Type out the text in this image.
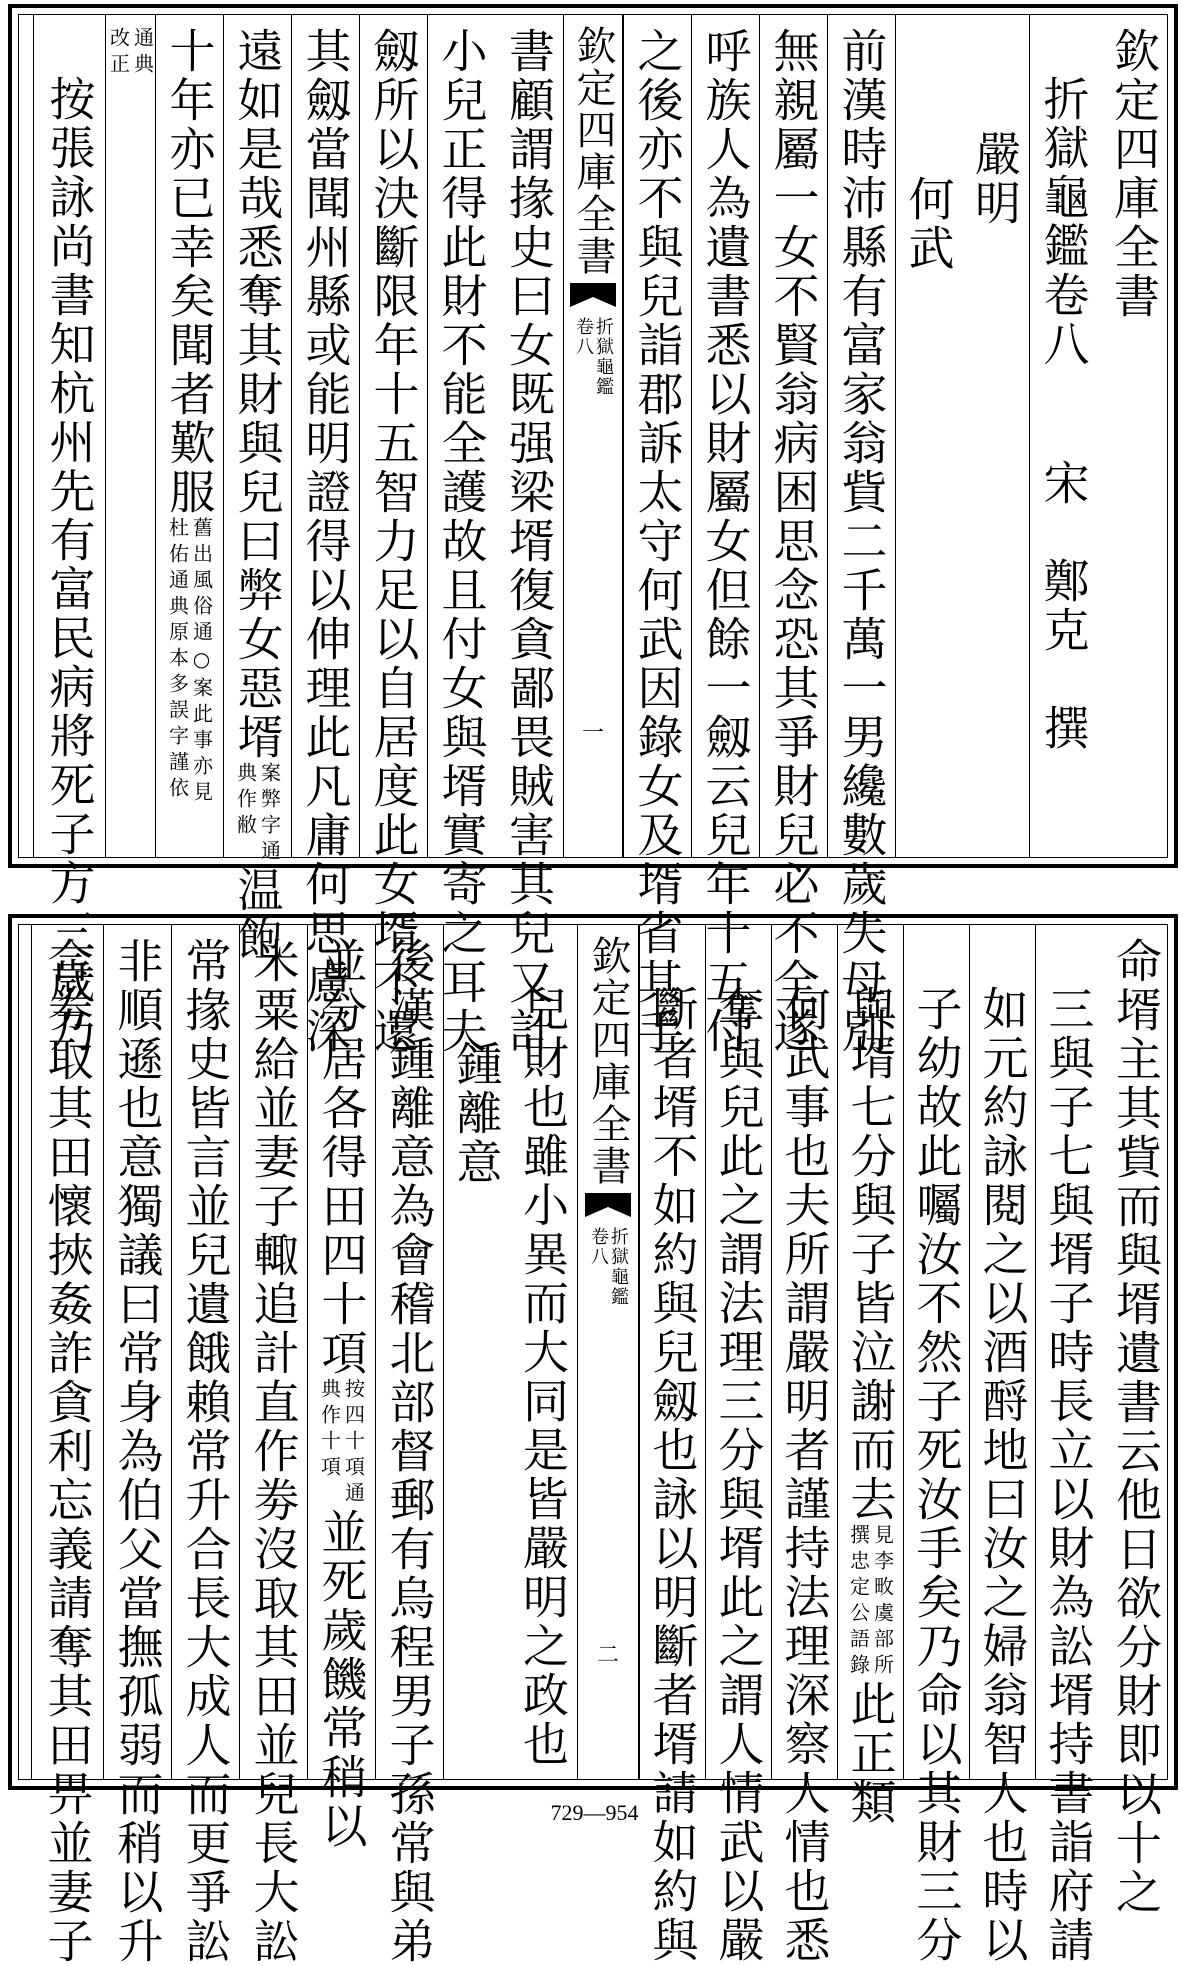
欽定四庫全書
折獄龜鑑卷八
宋　鄭克　撰
嚴明
何武
前漢時沛縣有富家翁貲二千萬一男纔數歲失母別
無親屬一女不賢翁病困思念恐其爭財兒必不全遂
呼族人為遺書悉以財屬女但餘一劔云兒年十五付
之後亦不與兒詣郡訴太守何武因錄女及壻省其手
欽定四庫全書
折獄龜鑑
卷八
一
書顧謂掾史曰女既强梁壻復貪鄙畏賊害其兒又計
小兒正得此財不能全護故且付女與壻實寄之耳夫
劔所以決斷限年十五智力足以自居度此女壻不還
其劔當聞州縣或能明證得以伸理此凡庸何思慮深
遠如是哉悉奪其財與兒曰弊女惡壻
案弊字通
典作敝
温飽
十年亦已幸矣聞者歎服
舊出風俗通○案此事亦見
杜佑通典原本多誤字謹依
通典
改正
按張詠尚書知杭州先有富民病將死子方三歲乃
命壻主其貲而與壻遺書云他日欲分財即以十之
三與子七與壻子時長立以財為訟壻持書詣府請
如元約詠閱之以酒酹地曰汝之婦翁智人也時以
子幼故此囑汝不然子死汝手矣乃命以其財三分
與壻七分與子皆泣謝而去
見李畋虞部所
撰忠定公語錄
此正類
何武事也夫所謂嚴明者謹持法理深察人情也悉
奪與兒此之謂法理三分與壻此之謂人情武以嚴
斷者壻不如約與兒劔也詠以明斷者壻請如約與
欽定四庫全書
折獄龜鑑
卷八
二
兒財也雖小異而大同是皆嚴明之政也
鍾離意
後漢鍾離意為會稽北部督郵有烏程男子孫常與弟
並分居各得田四十項
按四十項通
典作十項
並死歲饑常稍以
米粟給並妻子輙追計直作劵沒取其田並兒長大訟
常掾史皆言並兒遺餓賴常升合長大成人而更爭訟
非順遜也意獨議曰常身為伯父當撫孤弱而稍以升
合劵取其田懷挾姦詐貪利忘義請奪其田畀並妻子	729—954
